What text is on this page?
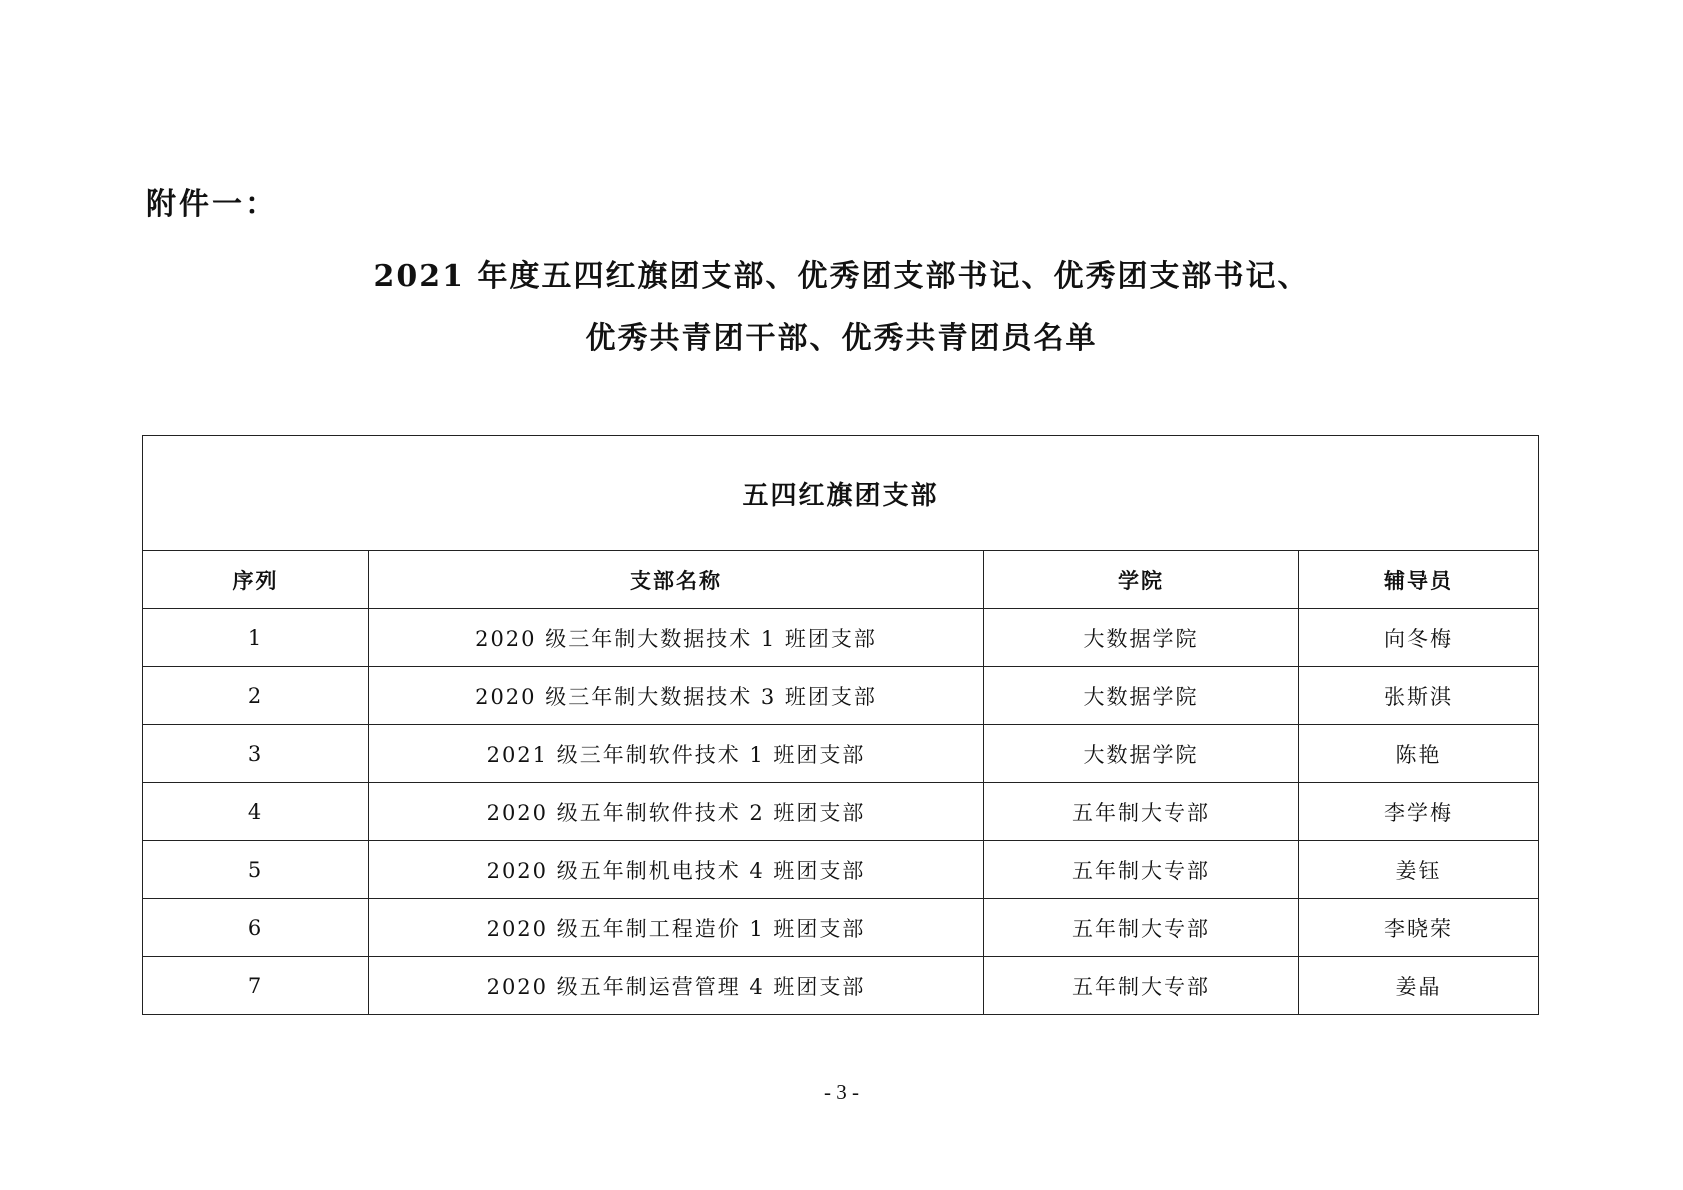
附件一：
2021 年度五四红旗团支部、优秀团支部书记、优秀团支部书记、
优秀共青团干部、优秀共青团员名单
五四红旗团支部			
序列	支部名称	学院	辅导员
1	2020 级三年制大数据技术 1 班团支部	大数据学院	向冬梅
2	2020 级三年制大数据技术 3 班团支部	大数据学院	张斯淇
3	2021 级三年制软件技术 1 班团支部	大数据学院	陈艳
4	2020 级五年制软件技术 2 班团支部	五年制大专部	李学梅
5	2020 级五年制机电技术 4 班团支部	五年制大专部	姜钰
6	2020 级五年制工程造价 1 班团支部	五年制大专部	李晓荣
7	2020 级五年制运营管理 4 班团支部	五年制大专部	姜晶
- 3 -
